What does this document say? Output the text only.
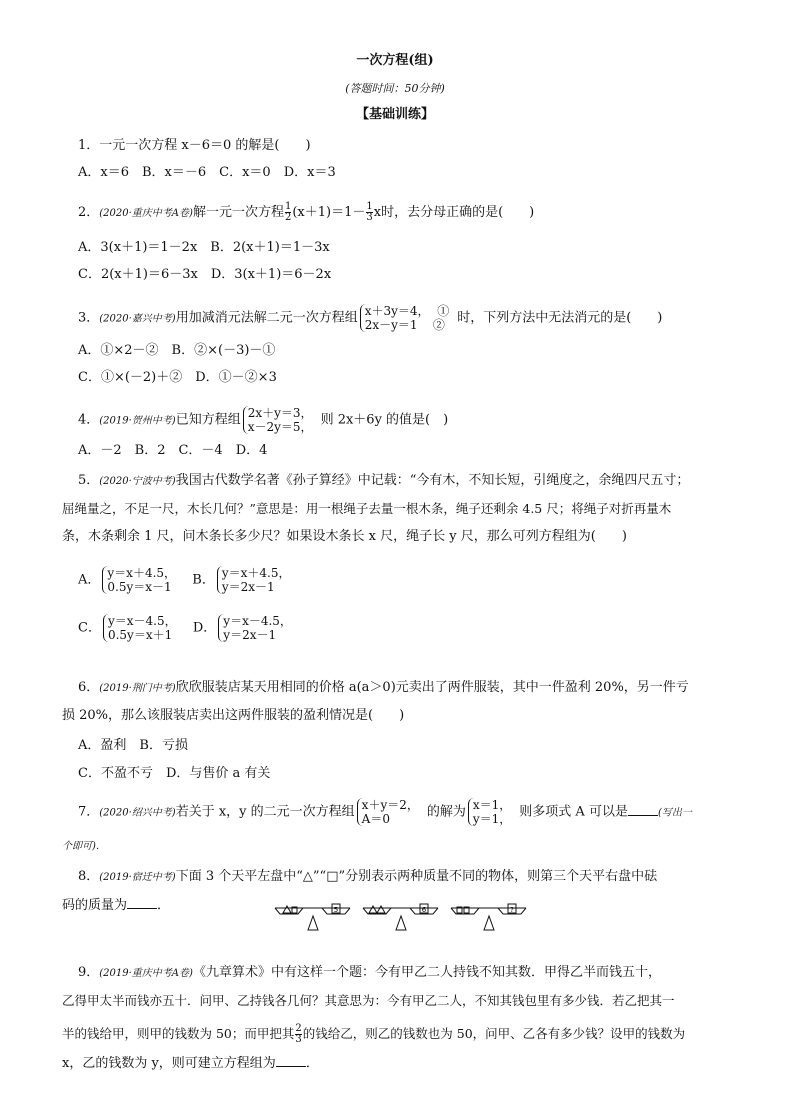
一次方程(组)
(答题时间：50分钟)
【基础训练】
1．一元一次方程 x－6＝0 的解是(　　)
A．x＝6　B．x＝－6　C．x＝0　D．x＝3
2．(2020·重庆中考A卷)解一元一次方程 $\frac{1}{2} (x+1)=1- \frac{1}{3}$ x时，去分母正确的是(　　)
A．3(x＋1)＝1－2x　B．2(x＋1)＝1－3x
C．2(x＋1)＝6－3x　D．3(x＋1)＝6－2x
3．(2020·嘉兴中考)用加减消元法解二元一次方程组 x＋3y＝4， ①
2x－y＝1 ② 时，下列方法中无法消元的是(　　)
A．①×2－②　B．②×(－3)－①
C．①×(－2)＋②　D．①－②×3
4．(2019·贺州中考)已知方程组 2x＋y＝3，
x－2y＝5， 则 2x＋6y 的值是(　)
A．－2　B．2　C．－4　D．4
5．(2020·宁波中考)我国古代数学名著《孙子算经》中记载：“今有木，不知长短，引绳度之，余绳四尺五寸；
屈绳量之，不足一尺，木长几何？”意思是：用一根绳子去量一根木条，绳子还剩余 4.5 尺；将绳子对折再量木
条，木条剩余 1 尺，问木条长多少尺？如果设木条长 x 尺，绳子长 y 尺，那么可列方程组为(　　)
A． y＝x＋4.5，
0.5y＝x－1 B． y＝x＋4.5，
y＝2x－1
C． y＝x－4.5，
0.5y＝x＋1 D． y＝x－4.5，
y＝2x－1
6．(2019·荆门中考)欣欣服装店某天用相同的价格 a(a＞0)元卖出了两件服装，其中一件盈利 20%，另一件亏
损 20%，那么该服装店卖出这两件服装的盈利情况是(　　)
A．盈利　B．亏损
C．不盈不亏　D．与售价 a 有关
7．(2020·绍兴中考)若关于 x，y 的二元一次方程组 x＋y＝2，
A＝0	的解为 x＝1，
y＝1， 则多项式 A 可以是	(写出一
个即可)．
8．(2019·宿迁中考)下面 3 个天平左盘中“△”“□”分别表示两种质量不同的物体，则第三个天平右盘中砝
码的质量为 ．	5	6	?
9．(2019·重庆中考A卷)《九章算术》中有这样一个题：今有甲乙二人持钱不知其数．甲得乙半而钱五十，
乙得甲太半而钱亦五十．问甲、乙持钱各几何？其意思为：今有甲乙二人，不知其钱包里有多少钱．若乙把其一
半的钱给甲，则甲的钱数为 50；而甲把其 $\frac{2}{3}$ 的钱给乙，则乙的钱数也为 50，问甲、乙各有多少钱？设甲的钱数为
x，乙的钱数为 y，则可建立方程组为 ．
